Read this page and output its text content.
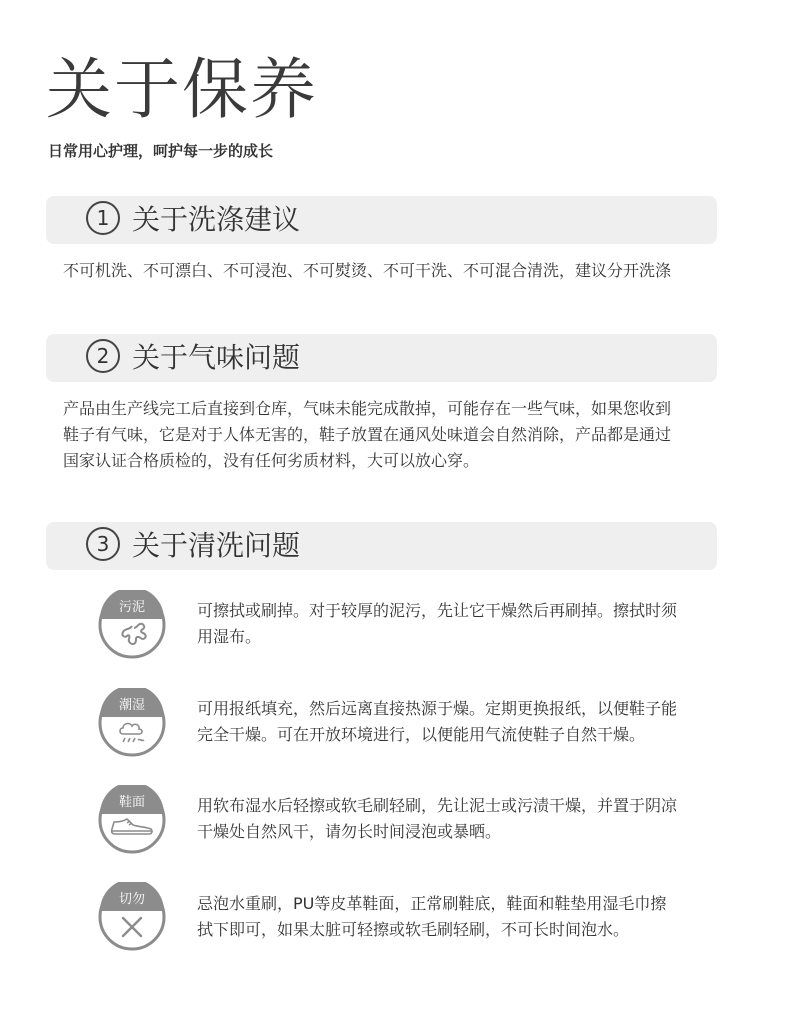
关于保养
日常用心护理，呵护每一步的成长
1 关于洗涤建议
不可机洗、不可漂白、不可浸泡、不可熨烫、不可干洗、不可混合清洗，建议分开洗涤
2 关于气味问题
产品由生产线完工后直接到仓库，气味未能完成散掉，可能存在一些气味，如果您收到
鞋子有气味，它是对于人体无害的，鞋子放置在通风处味道会自然消除，产品都是通过
国家认证合格质检的，没有任何劣质材料，大可以放心穿。
3 关于清洗问题
污泥	可擦拭或刷掉。对于较厚的泥污，先让它干燥然后再刷掉。擦拭时须
用湿布。
潮湿	可用报纸填充，然后远离直接热源于燥。定期更换报纸，以便鞋子能
完全干燥。可在开放环境进行，以便能用气流使鞋子自然干燥。
鞋面	用软布湿水后轻擦或软毛刷轻刷，先让泥士或污渍干燥，并置于阴凉
干燥处自然风干，请勿长时间浸泡或暴晒。
切勿	忌泡水重刷，PU等皮革鞋面，正常刷鞋底，鞋面和鞋垫用湿毛巾擦
拭下即可，如果太脏可轻擦或软毛刷轻刷，不可长时间泡水。
